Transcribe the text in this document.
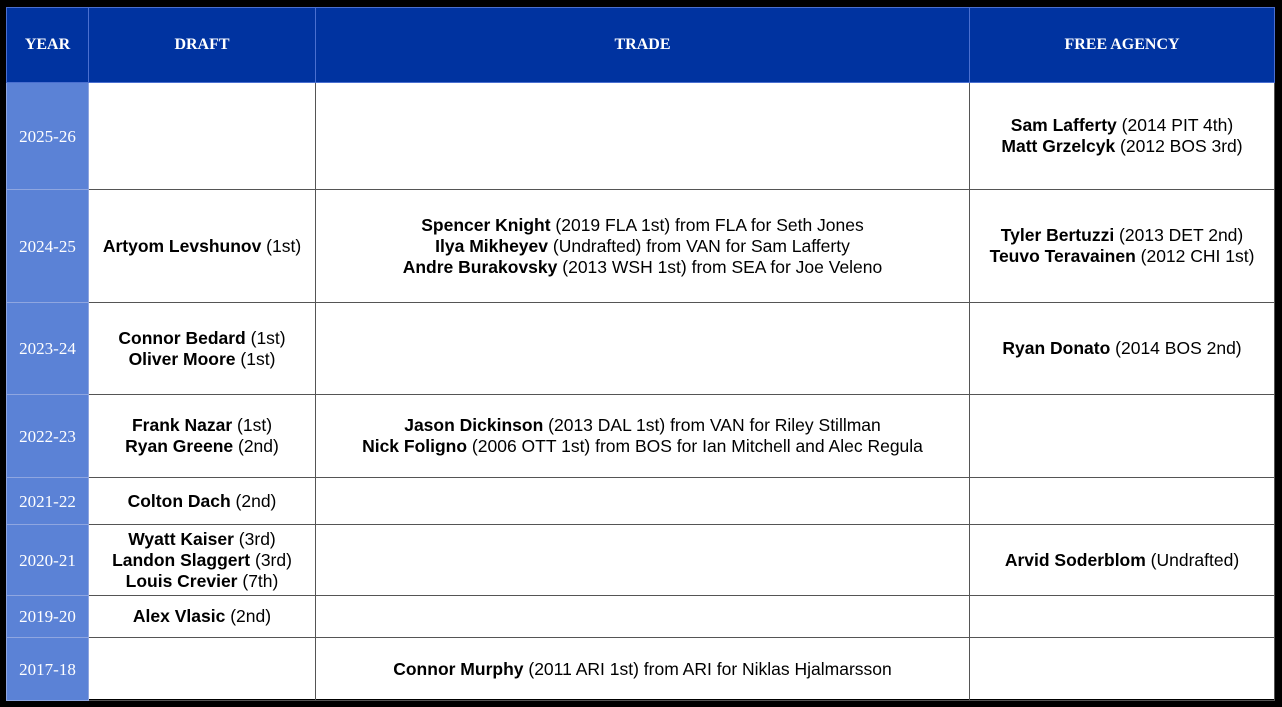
YEAR	DRAFT	TRADE	FREE AGENCY
2025-26			Sam Lafferty (2014 PIT 4th)
Matt Grzelcyk (2012 BOS 3rd)

2024-25	Artyom Levshunov (1st)	Spencer Knight (2019 FLA 1st) from FLA for Seth Jones
Ilya Mikheyev (Undrafted) from VAN for Sam Lafferty
Andre Burakovsky (2013 WSH 1st) from SEA for Joe Veleno	Tyler Bertuzzi (2013 DET 2nd)
Teuvo Teravainen (2012 CHI 1st)

2023-24	Connor Bedard (1st)
Oliver Moore (1st)		Ryan Donato (2014 BOS 2nd)

2022-23	Frank Nazar (1st)
Ryan Greene (2nd)	Jason Dickinson (2013 DAL 1st) from VAN for Riley Stillman
Nick Foligno (2006 OTT 1st) from BOS for Ian Mitchell and Alec Regula	

2021-22	Colton Dach (2nd)		

2020-21	Wyatt Kaiser (3rd)
Landon Slaggert (3rd)
Louis Crevier (7th)		Arvid Soderblom (Undrafted)

2019-20	Alex Vlasic (2nd)		

2017-18		Connor Murphy (2011 ARI 1st) from ARI for Niklas Hjalmarsson	
